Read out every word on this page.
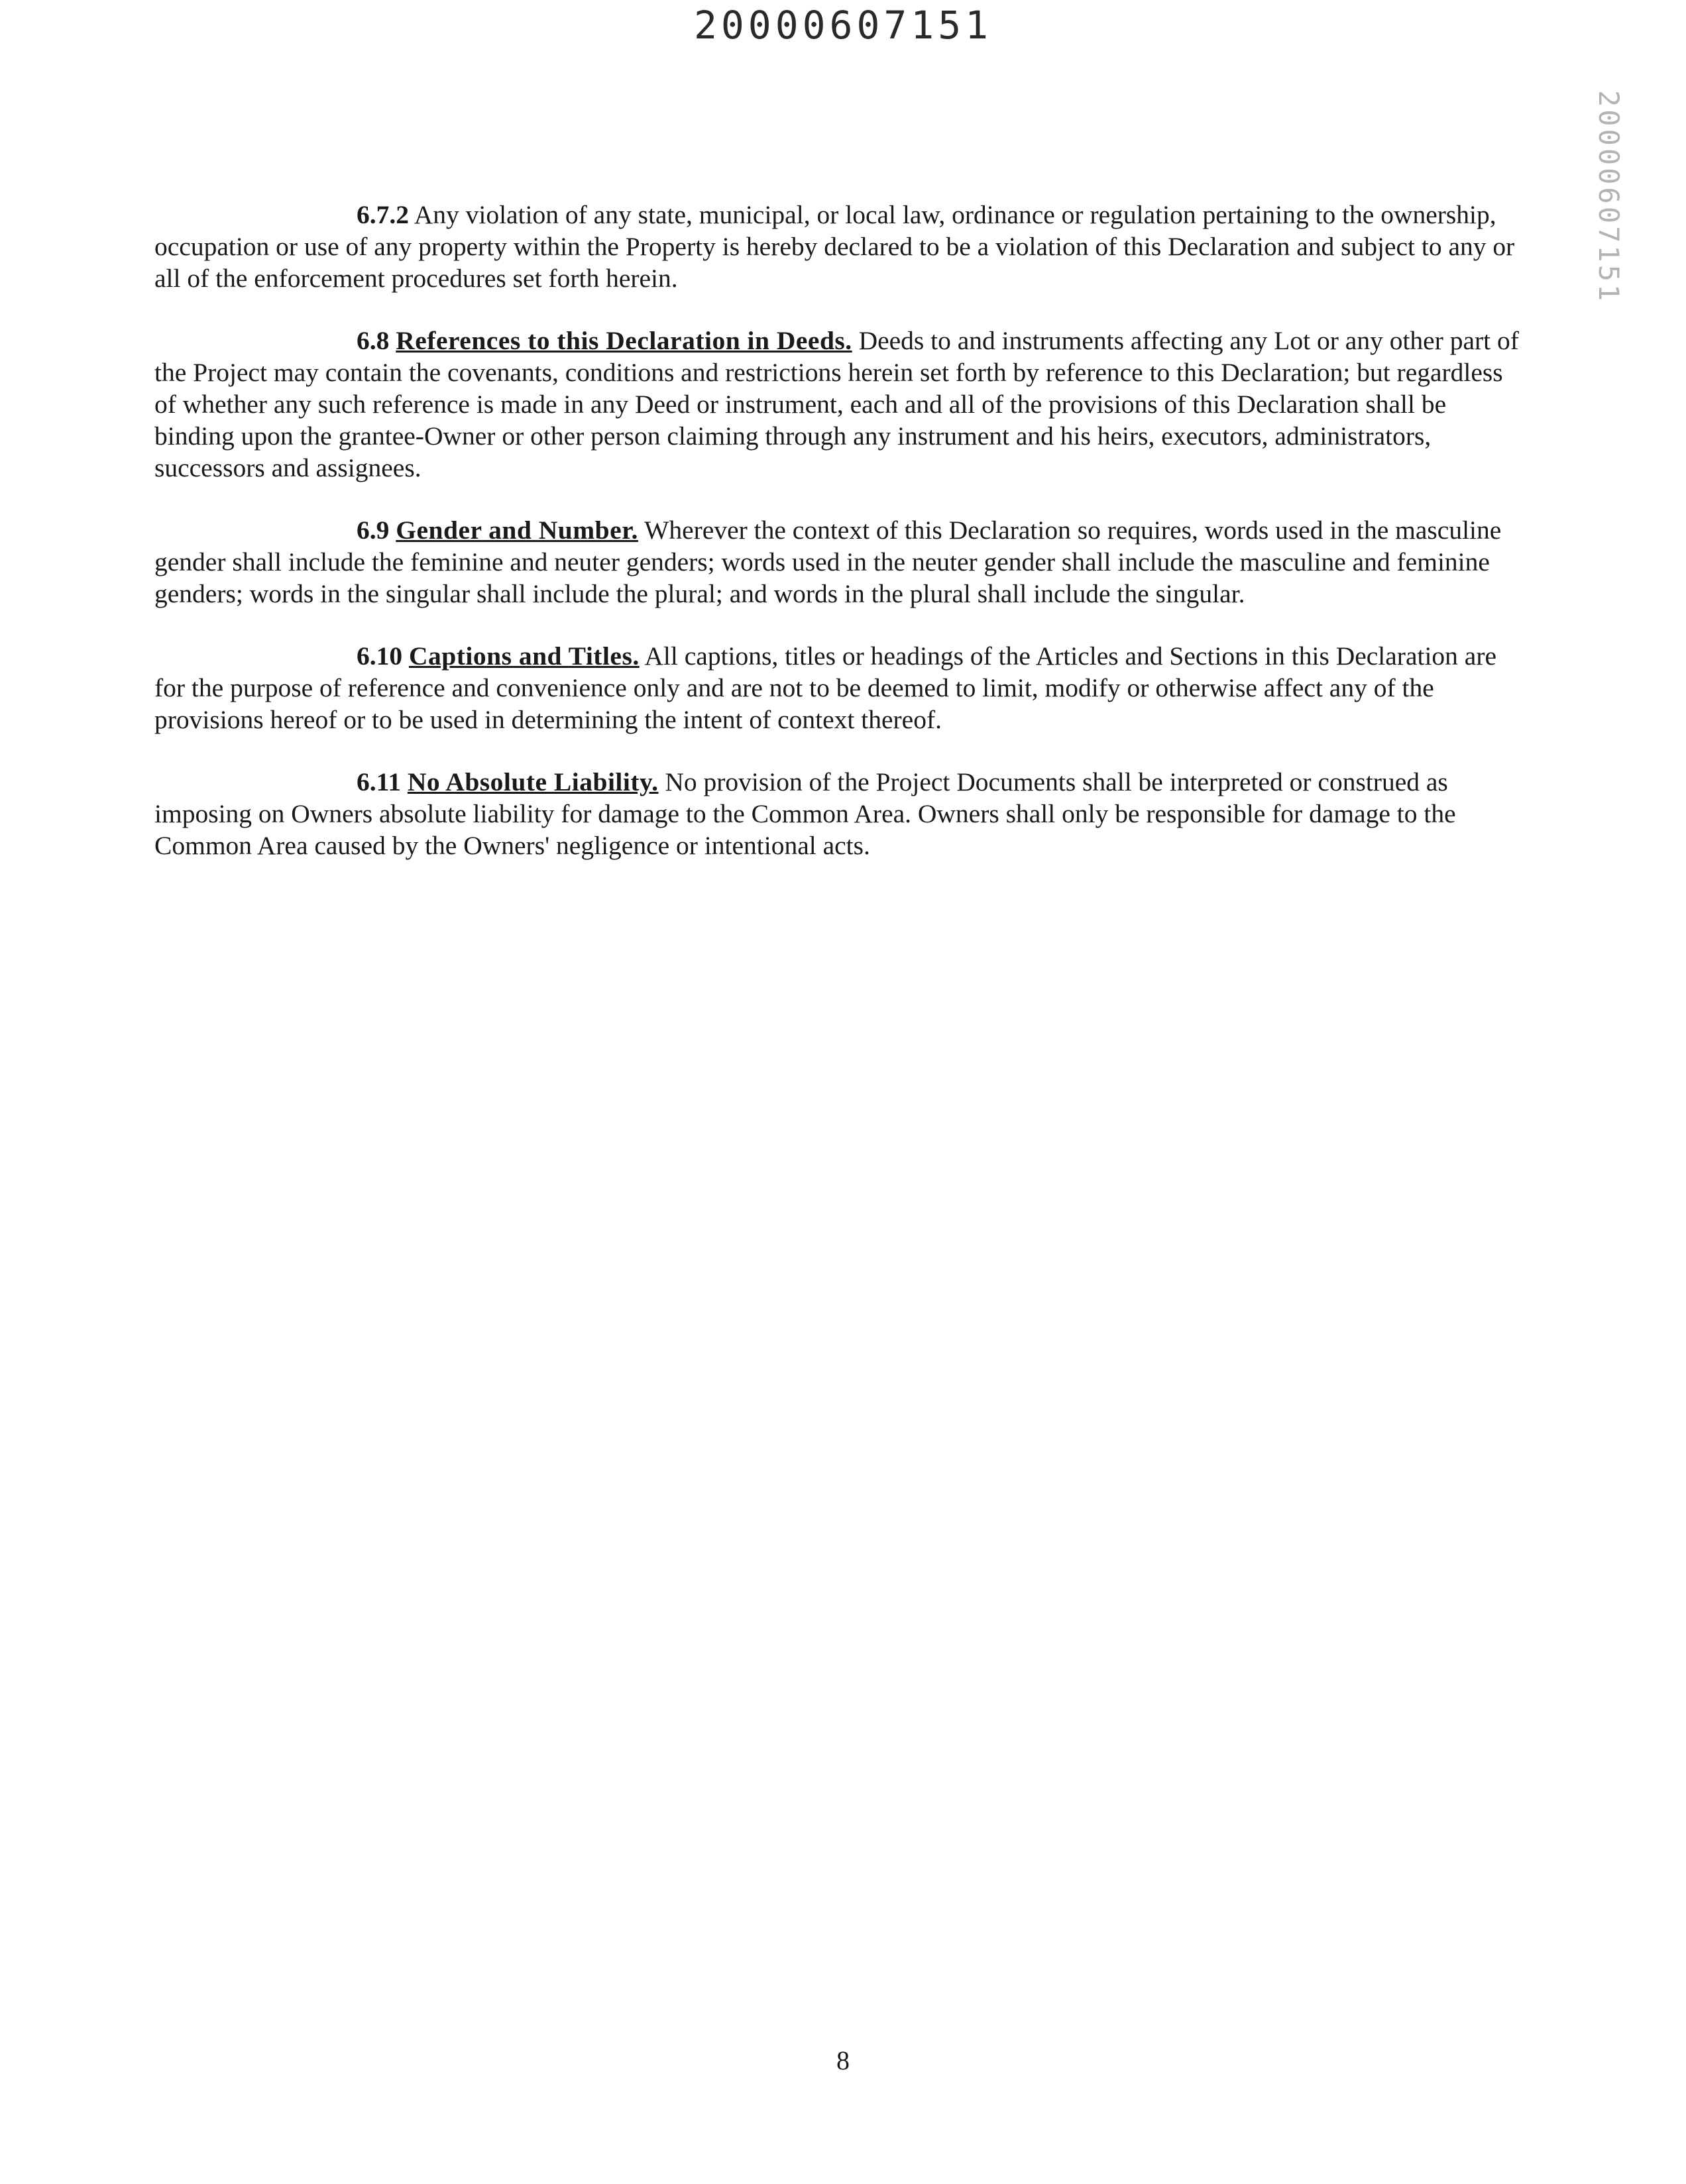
20000607151
20000607151

6.7.2 Any violation of any state, municipal, or local law, ordinance or regulation pertaining to the ownership, occupation or use of any property within the Property is hereby declared to be a violation of this Declaration and subject to any or all of the enforcement procedures set forth herein.

6.8 References to this Declaration in Deeds. Deeds to and instruments affecting any Lot or any other part of the Project may contain the covenants, conditions and restrictions herein set forth by reference to this Declaration; but regardless of whether any such reference is made in any Deed or instrument, each and all of the provisions of this Declaration shall be binding upon the grantee-Owner or other person claiming through any instrument and his heirs, executors, administrators, successors and assignees.

6.9 Gender and Number. Wherever the context of this Declaration so requires, words used in the masculine gender shall include the feminine and neuter genders; words used in the neuter gender shall include the masculine and feminine genders; words in the singular shall include the plural; and words in the plural shall include the singular.

6.10 Captions and Titles. All captions, titles or headings of the Articles and Sections in this Declaration are for the purpose of reference and convenience only and are not to be deemed to limit, modify or otherwise affect any of the provisions hereof or to be used in determining the intent of context thereof.

6.11 No Absolute Liability. No provision of the Project Documents shall be interpreted or construed as imposing on Owners absolute liability for damage to the Common Area. Owners shall only be responsible for damage to the Common Area caused by the Owners' negligence or intentional acts.

8
